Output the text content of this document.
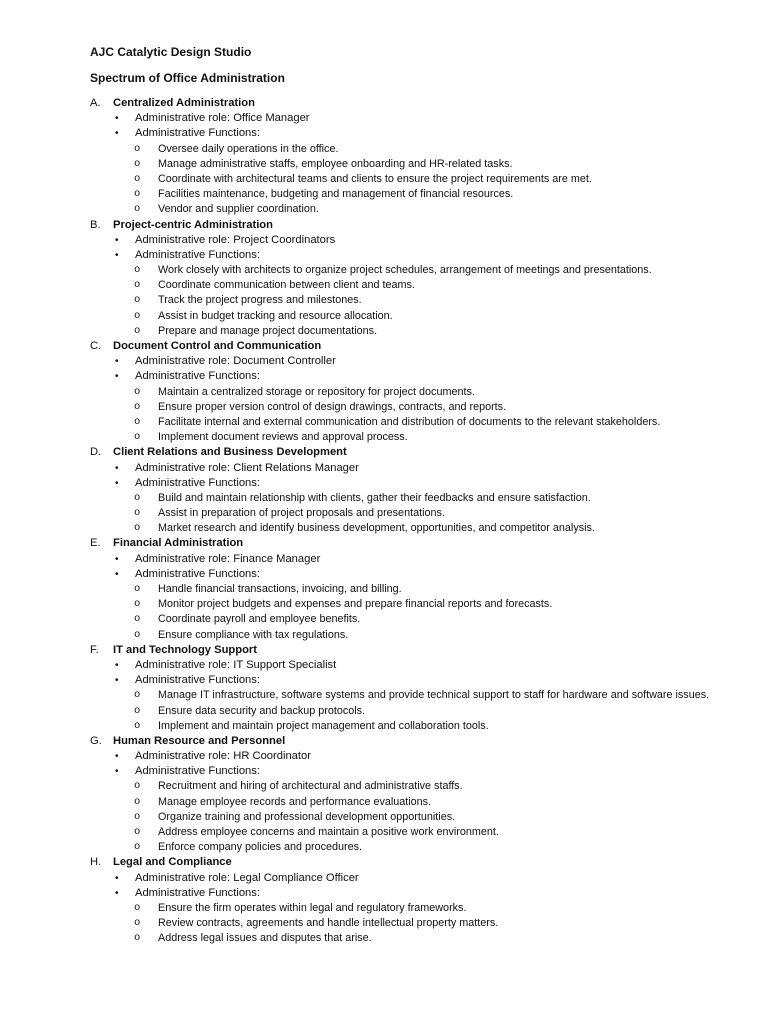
AJC Catalytic Design Studio
Spectrum of Office Administration
A. Centralized Administration
• Administrative role: Office Manager
• Administrative Functions:
o Oversee daily operations in the office.
o Manage administrative staffs, employee onboarding and HR-related tasks.
o Coordinate with architectural teams and clients to ensure the project requirements are met.
o Facilities maintenance, budgeting and management of financial resources.
o Vendor and supplier coordination.
B. Project-centric Administration
• Administrative role: Project Coordinators
• Administrative Functions:
o Work closely with architects to organize project schedules, arrangement of meetings and presentations.
o Coordinate communication between client and teams.
o Track the project progress and milestones.
o Assist in budget tracking and resource allocation.
o Prepare and manage project documentations.
C. Document Control and Communication
• Administrative role: Document Controller
• Administrative Functions:
o Maintain a centralized storage or repository for project documents.
o Ensure proper version control of design drawings, contracts, and reports.
o Facilitate internal and external communication and distribution of documents to the relevant stakeholders.
o Implement document reviews and approval process.
D. Client Relations and Business Development
• Administrative role: Client Relations Manager
• Administrative Functions:
o Build and maintain relationship with clients, gather their feedbacks and ensure satisfaction.
o Assist in preparation of project proposals and presentations.
o Market research and identify business development, opportunities, and competitor analysis.
E. Financial Administration
• Administrative role: Finance Manager
• Administrative Functions:
o Handle financial transactions, invoicing, and billing.
o Monitor project budgets and expenses and prepare financial reports and forecasts.
o Coordinate payroll and employee benefits.
o Ensure compliance with tax regulations.
F. IT and Technology Support
• Administrative role: IT Support Specialist
• Administrative Functions:
o Manage IT infrastructure, software systems and provide technical support to staff for hardware and software issues.
o Ensure data security and backup protocols.
o Implement and maintain project management and collaboration tools.
G. Human Resource and Personnel
• Administrative role: HR Coordinator
• Administrative Functions:
o Recruitment and hiring of architectural and administrative staffs.
o Manage employee records and performance evaluations.
o Organize training and professional development opportunities.
o Address employee concerns and maintain a positive work environment.
o Enforce company policies and procedures.
H. Legal and Compliance
• Administrative role: Legal Compliance Officer
• Administrative Functions:
o Ensure the firm operates within legal and regulatory frameworks.
o Review contracts, agreements and handle intellectual property matters.
o Address legal issues and disputes that arise.
